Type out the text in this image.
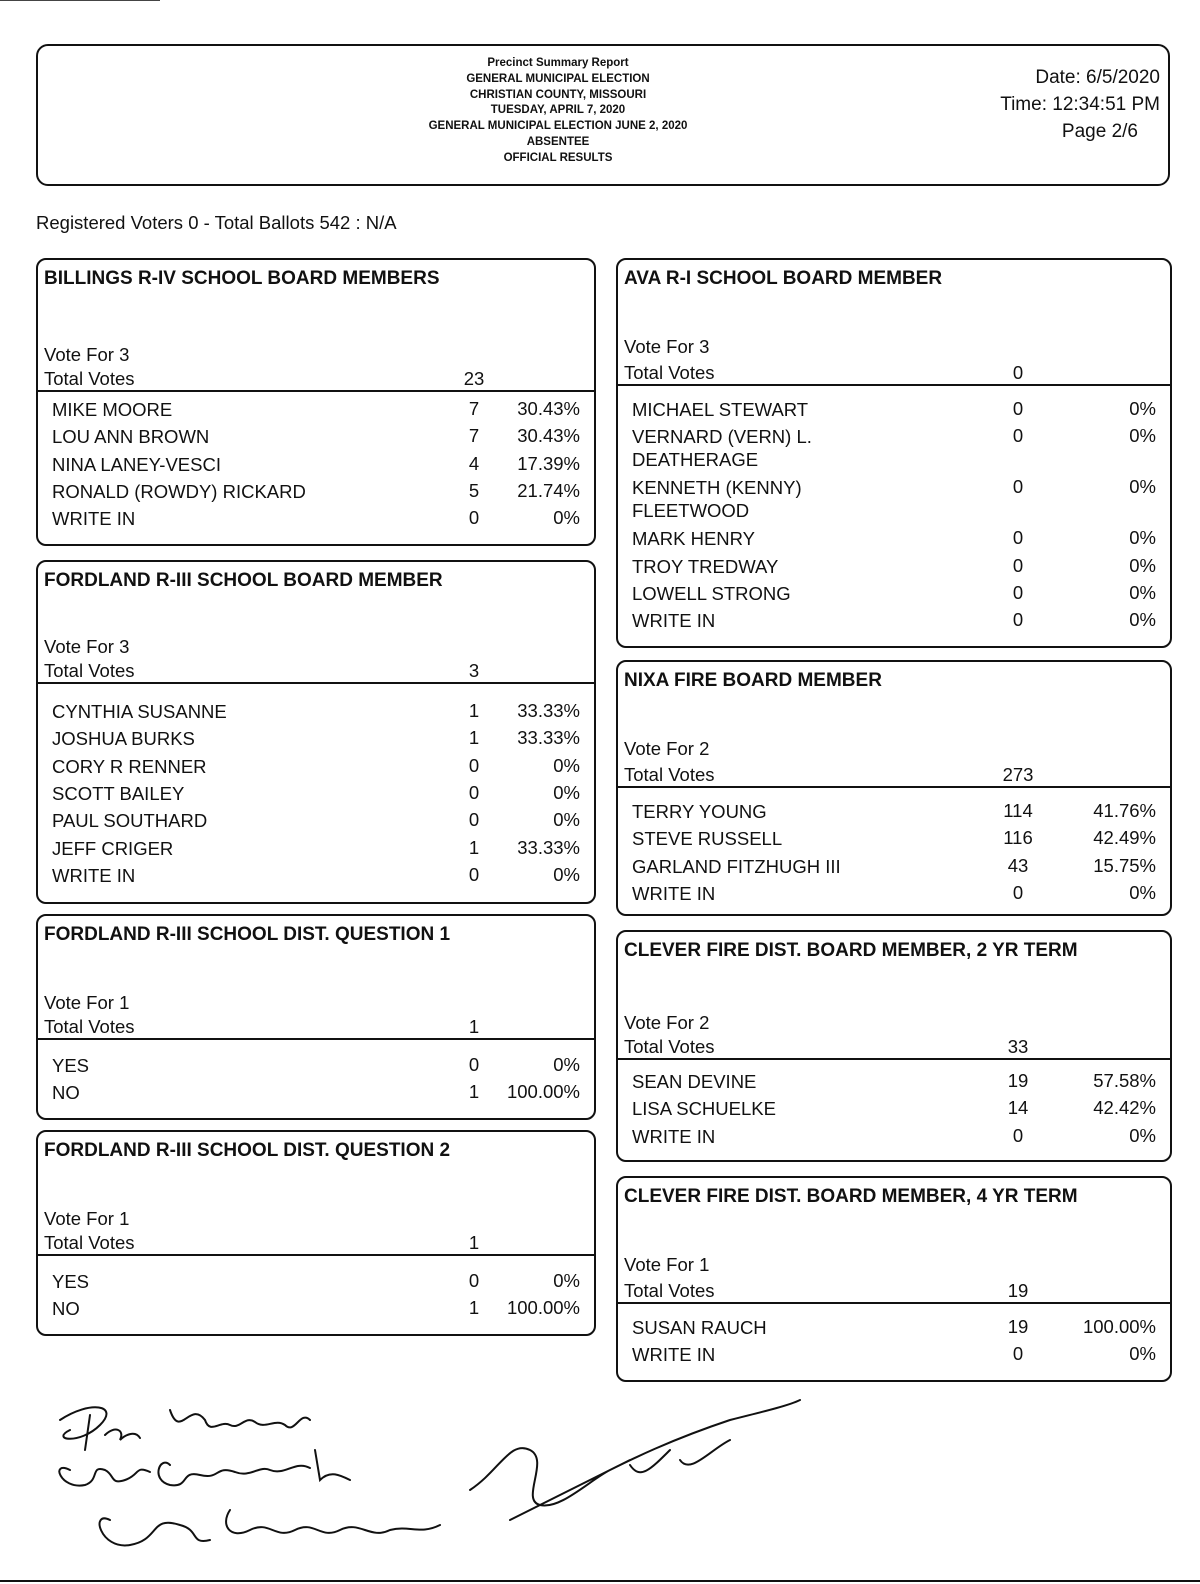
Precinct Summary Report
GENERAL MUNICIPAL ELECTION
CHRISTIAN COUNTY, MISSOURI
TUESDAY, APRIL 7, 2020
GENERAL MUNICIPAL ELECTION JUNE 2, 2020
ABSENTEE
OFFICIAL RESULTS
Date: 6/5/2020
Time: 12:34:51 PM
Page 2/6
Registered Voters 0 - Total Ballots 542 : N/A
BILLINGS R-IV SCHOOL BOARD MEMBERS
Vote For 3
Total Votes	23
MIKE MOORE	7	30.43%
LOU ANN BROWN	7	30.43%
NINA LANEY-VESCI	4	17.39%
RONALD (ROWDY) RICKARD	5	21.74%
WRITE IN	0	0%
FORDLAND R-III SCHOOL BOARD MEMBER
Vote For 3
Total Votes	3
CYNTHIA SUSANNE	1	33.33%
JOSHUA BURKS	1	33.33%
CORY R RENNER	0	0%
SCOTT BAILEY	0	0%
PAUL SOUTHARD	0	0%
JEFF CRIGER	1	33.33%
WRITE IN	0	0%
FORDLAND R-III SCHOOL DIST. QUESTION 1
Vote For 1
Total Votes	1
YES	0	0%
NO	1	100.00%
FORDLAND R-III SCHOOL DIST. QUESTION 2
Vote For 1
Total Votes	1
YES	0	0%
NO	1	100.00%
AVA R-I SCHOOL BOARD MEMBER
Vote For 3
Total Votes	0
MICHAEL STEWART	0	0%
VERNARD (VERN) L.
DEATHERAGE
0	0%
KENNETH (KENNY)
FLEETWOOD
0	0%
MARK HENRY	0	0%
TROY TREDWAY	0	0%
LOWELL STRONG	0	0%
WRITE IN	0	0%
NIXA FIRE BOARD MEMBER
Vote For 2
Total Votes	273
TERRY YOUNG	114	41.76%
STEVE RUSSELL	116	42.49%
GARLAND FITZHUGH III	43	15.75%
WRITE IN	0	0%
CLEVER FIRE DIST. BOARD MEMBER, 2 YR TERM
Vote For 2
Total Votes	33
SEAN DEVINE	19	57.58%
LISA SCHUELKE	14	42.42%
WRITE IN	0	0%
CLEVER FIRE DIST. BOARD MEMBER, 4 YR TERM
Vote For 1
Total Votes	19
SUSAN RAUCH	19	100.00%
WRITE IN	0	0%
